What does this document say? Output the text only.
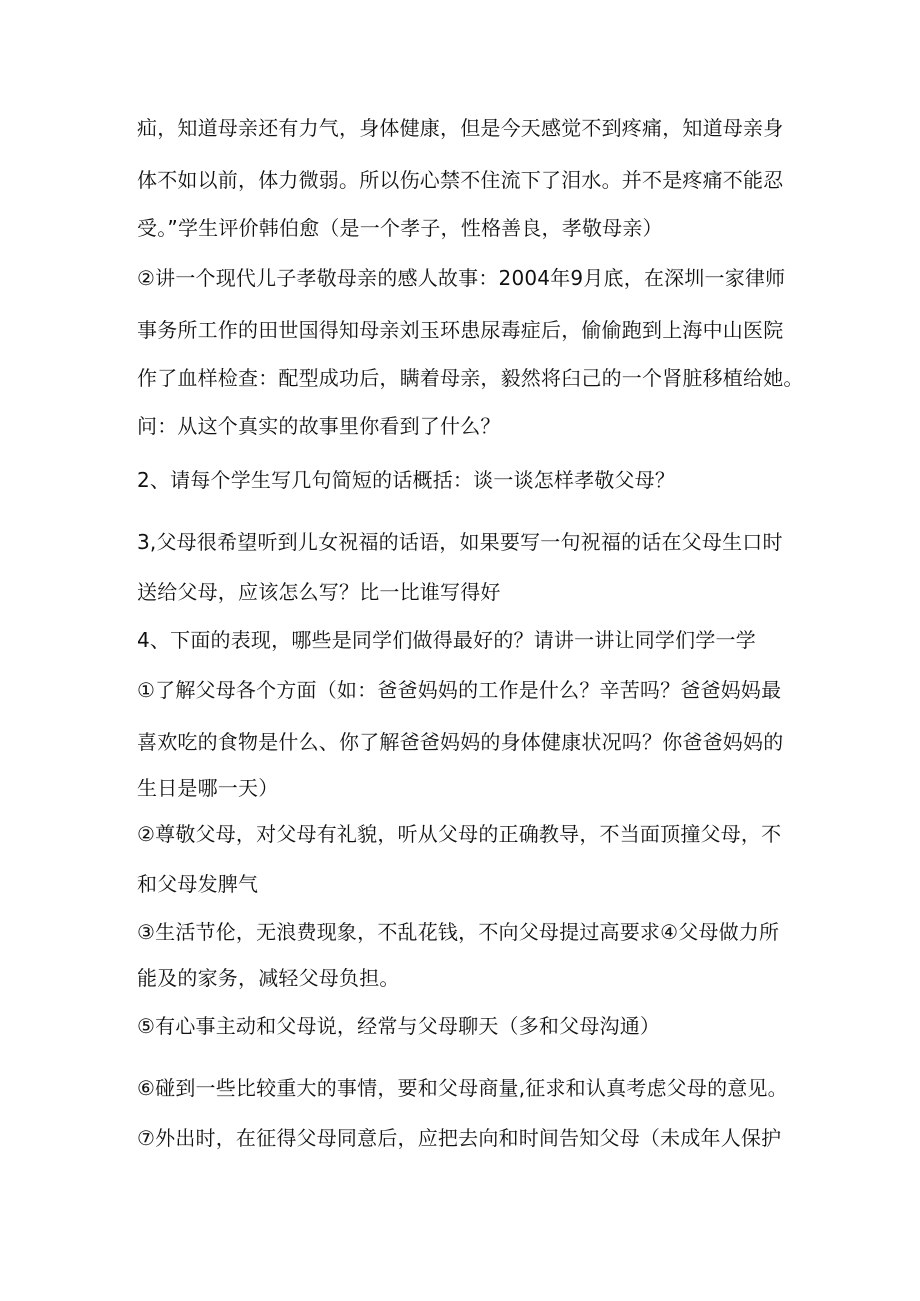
疝，知道母亲还有力气，身体健康，但是今天感觉不到疼痛，知道母亲身
体不如以前，体力微弱。所以伤心禁不住流下了泪水。并不是疼痛不能忍
受。”学生评价韩伯愈（是一个孝子，性格善良，孝敬母亲）
②讲一个现代儿子孝敬母亲的感人故事：2004年9月底，在深圳一家律师
事务所工作的田世国得知母亲刘玉环患尿毒症后，偷偷跑到上海中山医院
作了血样检查：配型成功后，瞒着母亲，毅然将臼己的一个肾脏移植给她。
问：从这个真实的故事里你看到了什么？
2、请每个学生写几句简短的话概括：谈一谈怎样孝敬父母？
3,父母很希望听到儿女祝福的话语，如果要写一句祝福的话在父母生口时
送给父母，应该怎么写？比一比谁写得好
4、下面的表现，哪些是同学们做得最好的？请讲一讲让同学们学一学
①了解父母各个方面（如：爸爸妈妈的工作是什么？辛苦吗？爸爸妈妈最
喜欢吃的食物是什么、你了解爸爸妈妈的身体健康状况吗？你爸爸妈妈的
生日是哪一天）
②尊敬父母，对父母有礼貌，听从父母的正确教导，不当面顶撞父母，不
和父母发脾气
③生活节伦，无浪费现象，不乱花钱，不向父母提过高要求④父母做力所
能及的家务，减轻父母负担。
⑤有心事主动和父母说，经常与父母聊天（多和父母沟通）
⑥碰到一些比较重大的事情，要和父母商量,征求和认真考虑父母的意见。
⑦外出时，在征得父母同意后，应把去向和时间告知父母（未成年人保护
